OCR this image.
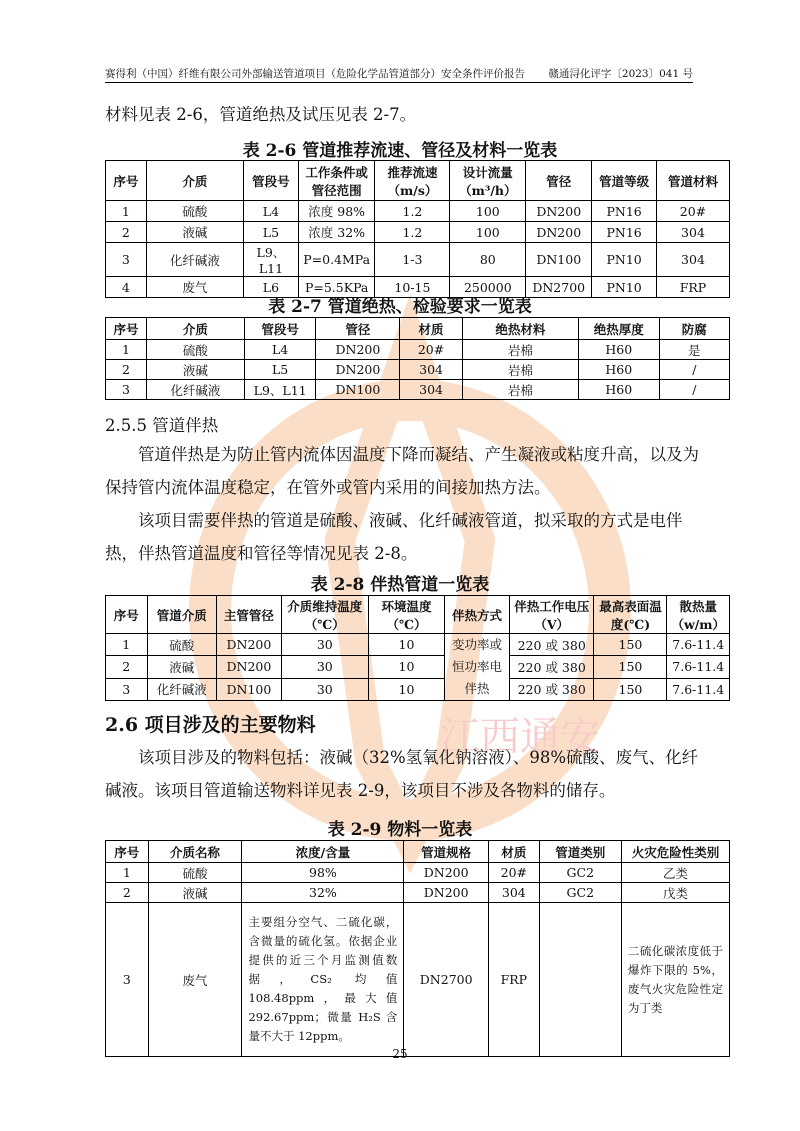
江西通安
赛得利（中国）纤维有限公司外部输送管道项目（危险化学品管道部分）安全条件评价报告 赣通浔化评字〔2023〕041 号

材料见表 2-6，管道绝热及试压见表 2-7。

表 2-6 管道推荐流速、管径及材料一览表

序号	介质	管段号	工作条件或管径范围	推荐流速（m/s）	设计流量（m³/h）	管径	管道等级	管道材料
1	硫酸	L4	浓度 98%	1.2	100	DN200	PN16	20#
2	液碱	L5	浓度 32%	1.2	100	DN200	PN16	304
3	化纤碱液	L9、L11	P=0.4MPa	1-3	80	DN100	PN10	304
4	废气	L6	P=5.5KPa	10-15	250000	DN2700	PN10	FRP

表 2-7 管道绝热、检验要求一览表

序号	介质	管段号	管径	材质	绝热材料	绝热厚度	防腐
1	硫酸	L4	DN200	20#	岩棉	H60	是
2	液碱	L5	DN200	304	岩棉	H60	/
3	化纤碱液	L9、L11	DN100	304	岩棉	H60	/

2.5.5 管道伴热

管道伴热是为防止管内流体因温度下降而凝结、产生凝液或粘度升高，以及为保持管内流体温度稳定，在管外或管内采用的间接加热方法。

该项目需要伴热的管道是硫酸、液碱、化纤碱液管道，拟采取的方式是电伴热，伴热管道温度和管径等情况见表 2-8。

表 2-8 伴热管道一览表

序号	管道介质	主管管径	介质维持温度（℃）	环境温度（℃）	伴热方式	伴热工作电压（V）	最高表面温度(℃)	散热量（w/m）
1	硫酸	DN200	30	10	变功率或恒功率电伴热	220 或 380	150	7.6-11.4
2	液碱	DN200	30	10		220 或 380	150	7.6-11.4
3	化纤碱液	DN100	30	10		220 或 380	150	7.6-11.4

2.6 项目涉及的主要物料

该项目涉及的物料包括：液碱（32%氢氧化钠溶液）、98%硫酸、废气、化纤碱液。该项目管道输送物料详见表 2-9，该项目不涉及各物料的储存。

表 2-9 物料一览表

序号	介质名称	浓度/含量	管道规格	材质	管道类别	火灾危险性类别
1	硫酸	98%	DN200	20#	GC2	乙类
2	液碱	32%	DN200	304	GC2	戊类
3	废气	主要组分空气、二硫化碳，含微量的硫化氢。依据企业提供的近三个月监测值数据，CS₂ 均值 108.48ppm，最大值 292.67ppm；微量 H₂S 含量不大于 12ppm。	DN2700	FRP		二硫化碳浓度低于爆炸下限的 5%，废气火灾危险性定为丁类
25
